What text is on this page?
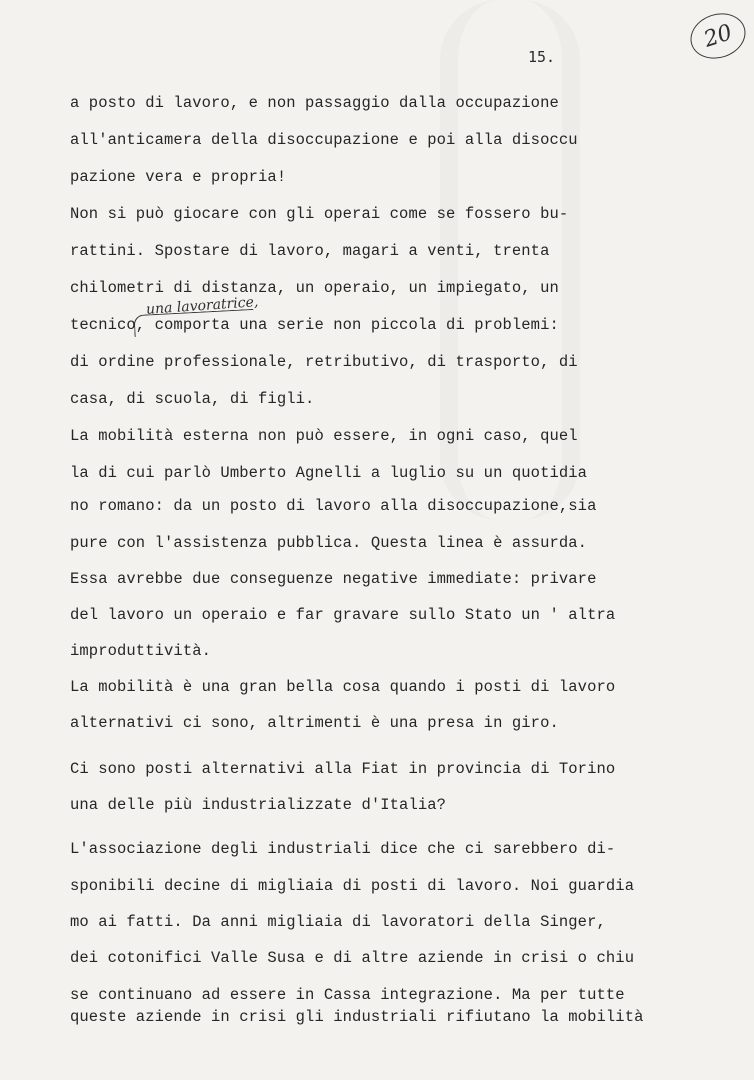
20
15.
a posto di lavoro, e non passaggio dalla occupazione
all'anticamera della disoccupazione e poi alla disoccu
pazione vera e propria!
Non si può giocare con gli operai come se fossero bu-
rattini. Spostare di lavoro, magari a venti, trenta
chilometri di distanza, un operaio, un impiegato, un
una lavoratrice,
tecnico, comporta una serie non piccola di problemi:
di ordine professionale, retributivo, di trasporto, di
casa, di scuola, di figli.
La mobilità esterna non può essere, in ogni caso, quel
la di cui parlò Umberto Agnelli a luglio su un quotidia
no romano: da un posto di lavoro alla disoccupazione,sia
pure con l'assistenza pubblica. Questa linea è assurda.
Essa avrebbe due conseguenze negative immediate: privare
del lavoro un operaio e far gravare sullo Stato un ' altra
improduttività.
La mobilità è una gran bella cosa quando i posti di lavoro
alternativi ci sono, altrimenti è una presa in giro.
Ci sono posti alternativi alla Fiat in provincia di Torino
una delle più industrializzate d'Italia?
L'associazione degli industriali dice che ci sarebbero di-
sponibili decine di migliaia di posti di lavoro. Noi guardia
mo ai fatti. Da anni migliaia di lavoratori della Singer,
dei cotonifici Valle Susa e di altre aziende in crisi o chiu
se continuano ad essere in Cassa integrazione. Ma per tutte
queste aziende in crisi gli industriali rifiutano la mobilità
